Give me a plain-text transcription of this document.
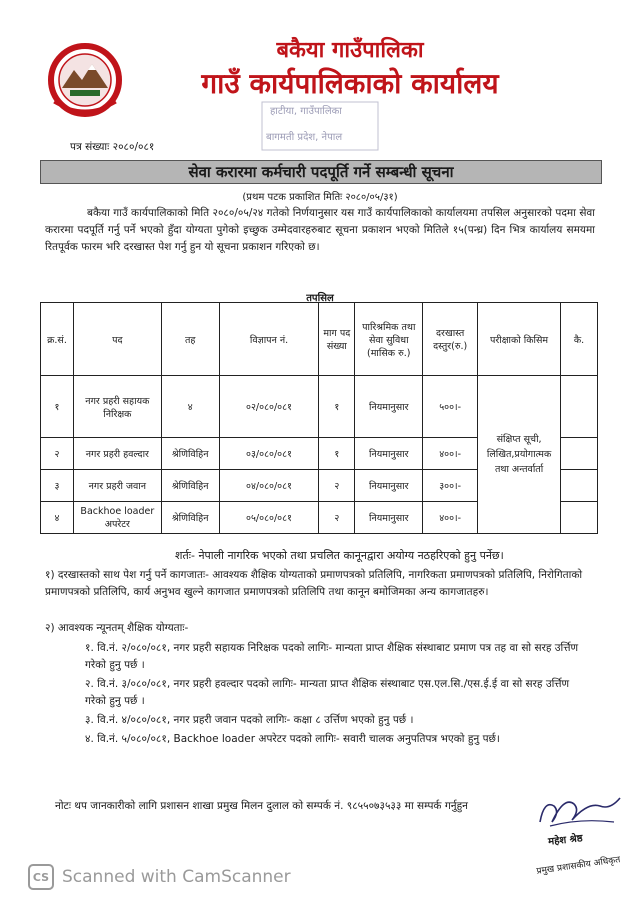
बकैया गाउँपालिका
गाउँ कार्यपालिकाको कार्यालय
हाटीया, गाउँपालिका
बागमती प्रदेश, नेपाल
पत्र संख्याः २०८०/०८१
सेवा करारमा कर्मचारी पदपूर्ति गर्ने सम्बन्धी सूचना
(प्रथम पटक प्रकाशित मितिः २०८०/०५/३१)
बकैया गाउँ कार्यपालिकाको मिति २०८०/०५/२४ गतेको निर्णयानुसार यस गाउँ कार्यपालिकाको कार्यालयमा तपसिल अनुसारको पदमा सेवा करारमा पदपूर्ति गर्नु पर्ने भएको हुँदा योग्यता पुगेको इच्छुक उम्मेदवारहरुबाट सूचना प्रकाशन भएको मितिले १५(पन्ध्र) दिन भित्र कार्यालय समयमा रितपूर्वक फारम भरि दरखास्त पेश गर्नु हुन यो सूचना प्रकाशन गरिएको छ।
तपसिल
क्र.सं.	पद	तह	विज्ञापन नं.	माग पद संख्या	पारिश्रमिक तथा सेवा सुविधा (मासिक रु.)	दरखास्त दस्तुर(रु.)	परीक्षाको किसिम	कै.
१	नगर प्रहरी सहायक निरिक्षक	४	०२/०८०/०८१	१	नियमानुसार	५००।-	संक्षिप्त सूची, लिखित,प्रयोगात्मक तथा अन्तर्वार्ता	
२	नगर प्रहरी हवल्दार	श्रेणिविहिन	०३/०८०/०८१	१	नियमानुसार	४००।-		
३	नगर प्रहरी जवान	श्रेणिविहिन	०४/०८०/०८१	२	नियमानुसार	३००।-		
४	Backhoe loader अपरेटर	श्रेणिविहिन	०५/०८०/०८१	२	नियमानुसार	४००।-		
शर्तः- नेपाली नागरिक भएको तथा प्रचलित कानूनद्वारा अयोग्य नठहरिएको हुनु पर्नेछ।
१) दरखास्तको साथ पेश गर्नु पर्ने कागजातः- आवश्यक शैक्षिक योग्यताको प्रमाणपत्रको प्रतिलिपि, नागरिकता प्रमाणपत्रको प्रतिलिपि, निरोगिताको प्रमाणपत्रको प्रतिलिपि, कार्य अनुभव खुल्ने कागजात प्रमाणपत्रको प्रतिलिपि तथा कानून बमोजिमका अन्य कागजातहरु।
२) आवश्यक न्यूनतम् शैक्षिक योग्यताः-
१. वि.नं. २/०८०/०८१, नगर प्रहरी सहायक निरिक्षक पदको लागिः- मान्यता प्राप्त शैक्षिक संस्थाबाट प्रमाण पत्र तह वा सो सरह उर्त्तिण गरेको हुनु पर्छ ।
२. वि.नं. ३/०८०/०८१, नगर प्रहरी हवल्दार पदको लागिः- मान्यता प्राप्त शैक्षिक संस्थाबाट एस.एल.सि./एस.ई.ई वा सो सरह उर्त्तिण गरेको हुनु पर्छ ।
३. वि.नं. ४/०८०/०८१, नगर प्रहरी जवान पदको लागिः- कक्षा ८ उर्त्तिण भएको हुनु पर्छ ।
४. वि.नं. ५/०८०/०८१, Backhoe loader अपरेटर पदको लागिः- सवारी चालक अनुपतिपत्र भएको हुनु पर्छ।
नोटः थप जानकारीको लागि प्रशासन शाखा प्रमुख मिलन दुलाल को सम्पर्क नं. ९८५५०७३५३३ मा सम्पर्क गर्नुहुन
महेश श्रेष्ठ
प्रमुख प्रशासकीय अधिकृत
CS Scanned with CamScanner
